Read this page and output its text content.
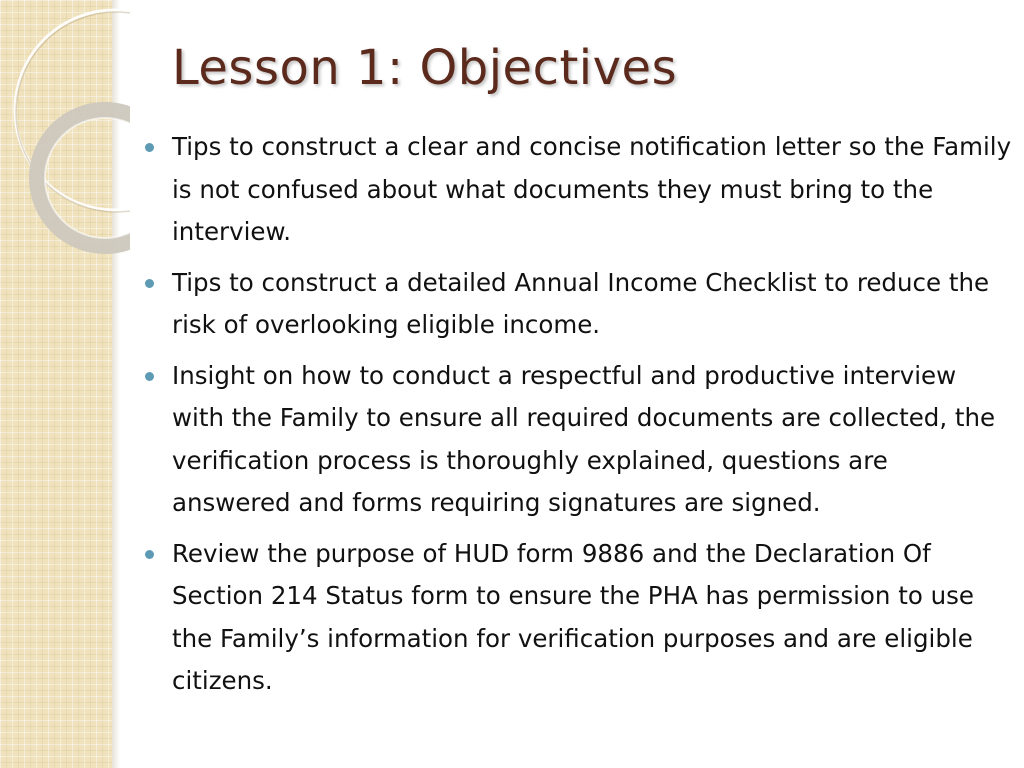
Lesson 1: Objectives
Tips to construct a clear and concise notification letter so the Family is not confused about what documents they must bring to the interview.
Tips to construct a detailed Annual Income Checklist to reduce the risk of overlooking eligible income.
Insight on how to conduct a respectful and productive interview with the Family to ensure all required documents are collected, the verification process is thoroughly explained, questions are answered and forms requiring signatures are signed.
Review the purpose of HUD form 9886 and the Declaration Of Section 214 Status form to ensure the PHA has permission to use the Family’s information for verification purposes and are eligible citizens.
